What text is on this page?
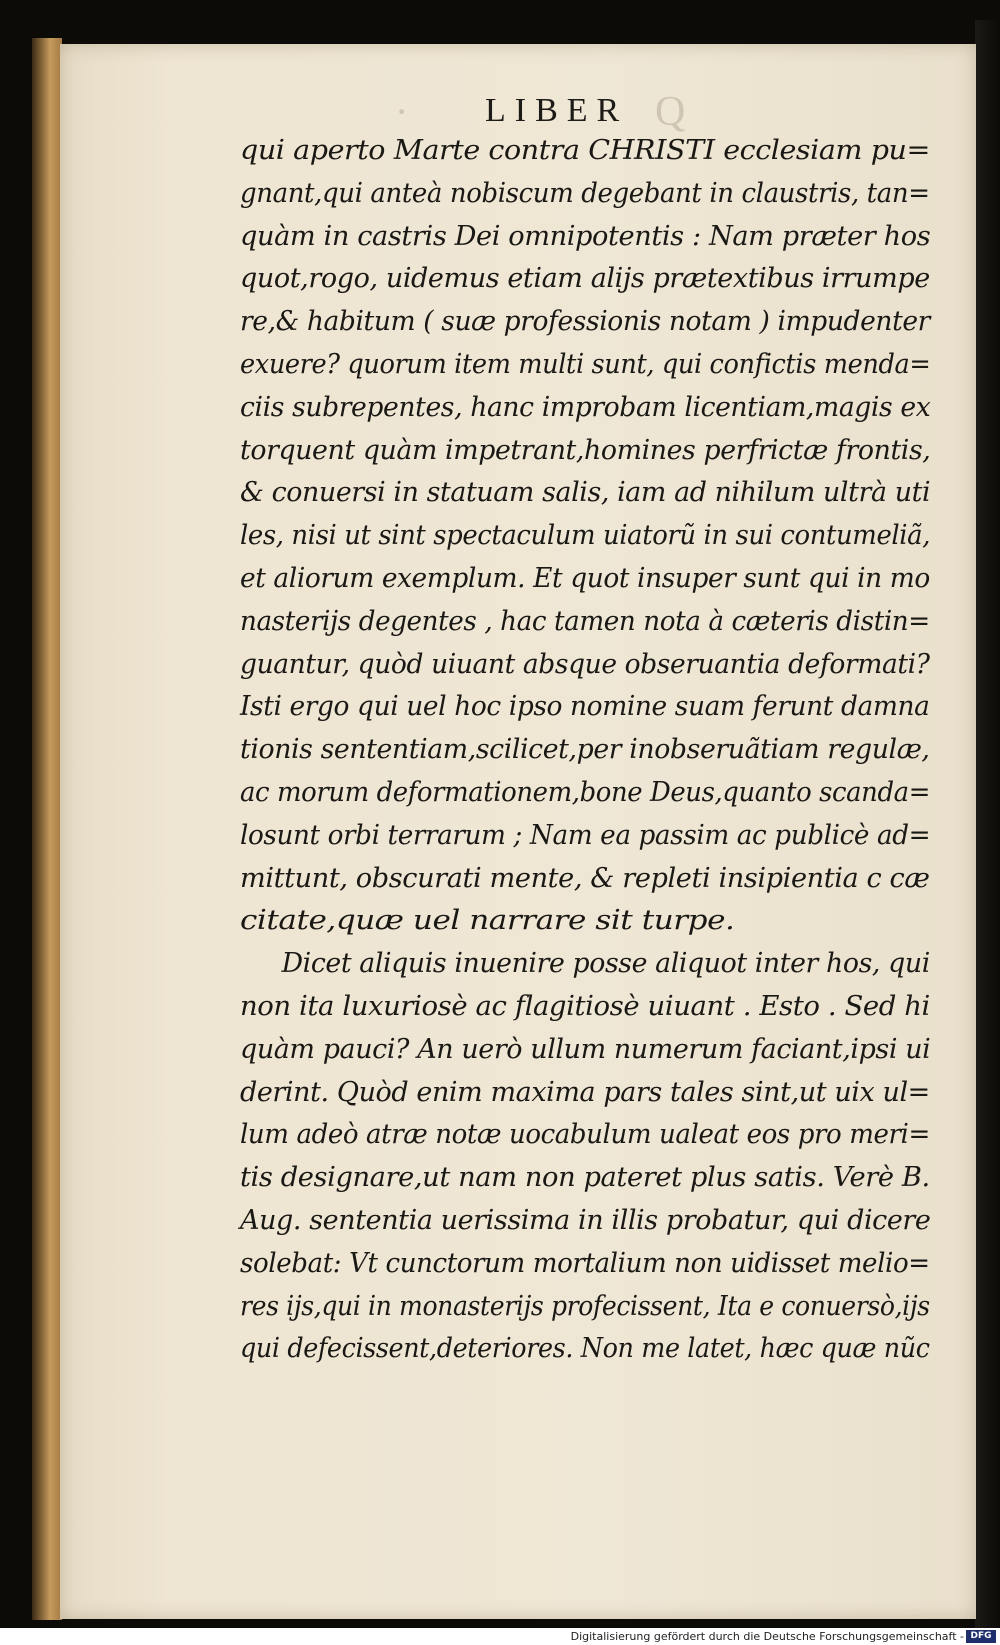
·	Q
LIBER
qui aperto Marte contra CHRISTI ecclesiam pu=
gnant,qui anteà nobiscum degebant in claustris, tan=
quàm in castris Dei omnipotentis : Nam præter hos
quot,rogo, uidemus etiam alijs prætextibus irrumpe
re,& habitum ( suæ professionis notam ) impudenter
exuere? quorum item multi sunt, qui confictis menda=
ciis subrepentes, hanc improbam licentiam,magis ex
torquent quàm impetrant,homines perfrictæ frontis,
& conuersi in statuam salis, iam ad nihilum ultrà uti
les, nisi ut sint spectaculum uiatorũ in sui contumeliã,
et aliorum exemplum. Et quot insuper sunt qui in mo
nasterijs degentes , hac tamen nota à cæteris distin=
guantur, quòd uiuant absque obseruantia deformati?
Isti ergo qui uel hoc ipso nomine suam ferunt damna
tionis sententiam,scilicet,per inobseruãtiam regulæ,
ac morum deformationem,bone Deus,quanto scanda=
losunt orbi terrarum ; Nam ea passim ac publicè ad=
mittunt, obscurati mente, & repleti insipientia c cæ
citate,quæ uel narrare sit turpe.
Dicet aliquis inuenire posse aliquot inter hos, qui
non ita luxuriosè ac flagitiosè uiuant . Esto . Sed hi
quàm pauci? An uerò ullum numerum faciant,ipsi ui
derint. Quòd enim maxima pars tales sint,ut uix ul=
lum adeò atræ notæ uocabulum ualeat eos pro meri=
tis designare,ut nam non pateret plus satis. Verè B.
Aug. sententia uerissima in illis probatur, qui dicere
solebat: Vt cunctorum mortalium non uidisset melio=
res ijs,qui in monasterijs profecissent, Ita e conuersò,ijs
qui defecissent,deteriores. Non me latet, hæc quæ nũc
Digitalisierung gefördert durch die Deutsche Forschungsgemeinschaft - DFG
